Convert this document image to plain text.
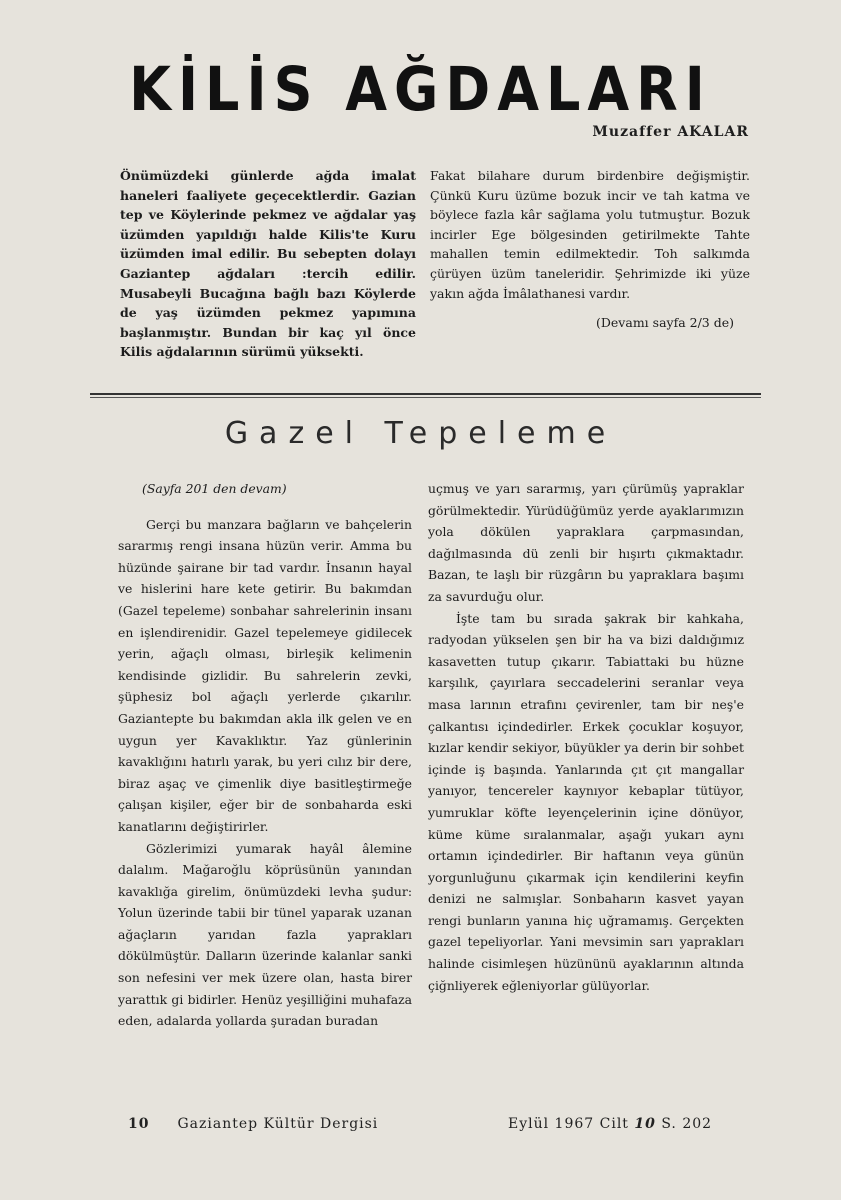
KİLİS AĞDALARI
Muzaffer AKALAR

Önümüzdeki günlerde ağda imalat haneleri faaliyete geçecektlerdir. Gazian tep ve Köylerinde pekmez ve ağdalar yaş üzümden yapıldığı halde Kilis'te Kuru üzümden imal edilir. Bu sebepten dolayı Gaziantep ağdaları :tercih edilir. Musabeyli Bucağına bağlı bazı Köylerde de yaş üzümden pekmez yapımına başlanmıştır. Bundan bir kaç yıl önce Kilis ağdalarının sürümü yüksekti.

Fakat bilahare durum birdenbire değişmiştir. Çünkü Kuru üzüme bozuk incir ve tah katma ve böylece fazla kâr sağlama yolu tutmuştur. Bozuk incirler Ege bölgesinden getirilmekte Tahte mahallen temin edilmektedir. Toh salkımda çürüyen üzüm taneleridir. Şehrimizde iki yüze yakın ağda İmâlathanesi vardır.

(Devamı sayfa 2/3 de)

Gazel Tepeleme

(Sayfa 201 den devam)

Gerçi bu manzara bağların ve bahçelerin sararmış rengi insana hüzün verir. Amma bu hüzünde şairane bir tad vardır. İnsanın hayal ve hislerini hare kete getirir. Bu bakımdan (Gazel tepeleme) sonbahar sahrelerinin insanı en işlendirenidir. Gazel tepelemeye gidilecek yerin, ağaçlı olması, birleşik kelimenin kendisinde gizlidir. Bu sahrelerin zevki, şüphesiz bol ağaçlı yerlerde çıkarılır. Gaziantepte bu bakımdan akla ilk gelen ve en uygun yer Kavaklıktır. Yaz günlerinin kavaklığını hatırlı yarak, bu yeri cılız bir dere, biraz aşaç ve çimenlik diye basitleştirmeğe çalışan kişiler, eğer bir de sonbaharda eski kanatlarını değiştirirler.

Gözlerimizi yumarak hayâl âlemine dalalım. Mağaroğlu köprüsünün yanından kavaklığa girelim, önümüzdeki levha şudur: Yolun üzerinde tabii bir tünel yaparak uzanan ağaçların yarıdan fazla yaprakları dökülmüştür. Dalların üzerinde kalanlar sanki son nefesini ver mek üzere olan, hasta birer yarattık gi bidirler. Henüz yeşilliğini muhafaza eden, adalarda yollarda şuradan buradan

uçmuş ve yarı sararmış, yarı çürümüş yapraklar görülmektedir. Yürüdüğümüz yerde ayaklarımızın yola dökülen yapraklara çarpmasından, dağılmasında dü zenli bir hışırtı çıkmaktadır. Bazan, te laşlı bir rüzgârın bu yapraklara başımı za savurduğu olur.

İşte tam bu sırada şakrak bir kahkaha, radyodan yükselen şen bir ha va bizi daldığımız kasavetten tutup çıkarır. Tabiattaki bu hüzne karşılık, çayırlara seccadelerini seranlar veya masa larının etrafını çevirenler, tam bir neş'e çalkantısı içindedirler. Erkek çocuklar koşuyor, kızlar kendir sekiyor, büyükler ya derin bir sohbet içinde iş başında. Yanlarında çıt çıt mangallar yanıyor, tencereler kaynıyor kebaplar tütüyor, yumruklar köfte leyençelerinin içine dönüyor, küme küme sıralanmalar, aşağı yukarı aynı ortamın içindedirler. Bir haftanın veya günün yorgunluğunu çıkarmak için kendilerini keyfin denizi ne salmışlar. Sonbaharın kasvet yayan rengi bunların yanına hiç uğramamış. Gerçekten gazel tepeliyorlar. Yani mevsimin sarı yaprakları halinde cisimleşen hüzününü ayaklarının altında çiğnliyerek eğleniyorlar gülüyorlar.

10 Gaziantep Kültür Dergisi	Eylül 1967 Cilt 10 S. 202
